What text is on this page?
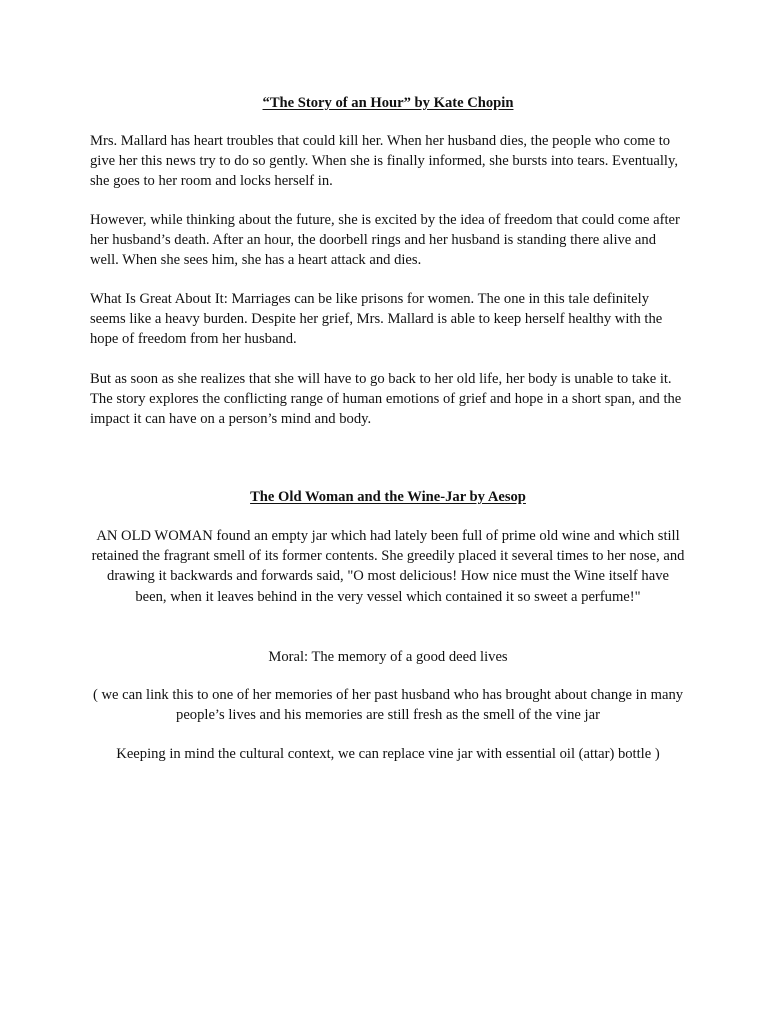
“The Story of an Hour” by Kate Chopin

Mrs. Mallard has heart troubles that could kill her. When her husband dies, the people who come to give her this news try to do so gently. When she is finally informed, she bursts into tears. Eventually, she goes to her room and locks herself in.

However, while thinking about the future, she is excited by the idea of freedom that could come after her husband’s death. After an hour, the doorbell rings and her husband is standing there alive and well. When she sees him, she has a heart attack and dies.

What Is Great About It: Marriages can be like prisons for women. The one in this tale definitely seems like a heavy burden. Despite her grief, Mrs. Mallard is able to keep herself healthy with the hope of freedom from her husband.

But as soon as she realizes that she will have to go back to her old life, her body is unable to take it. The story explores the conflicting range of human emotions of grief and hope in a short span, and the impact it can have on a person’s mind and body.

The Old Woman and the Wine-Jar by Aesop

AN OLD WOMAN found an empty jar which had lately been full of prime old wine and which still retained the fragrant smell of its former contents. She greedily placed it several times to her nose, and drawing it backwards and forwards said, "O most delicious! How nice must the Wine itself have been, when it leaves behind in the very vessel which contained it so sweet a perfume!"

Moral: The memory of a good deed lives

( we can link this to one of her memories of her past husband who has brought about change in many people’s lives and his memories are still fresh as the smell of the vine jar

Keeping in mind the cultural context, we can replace vine jar with essential oil (attar) bottle )
